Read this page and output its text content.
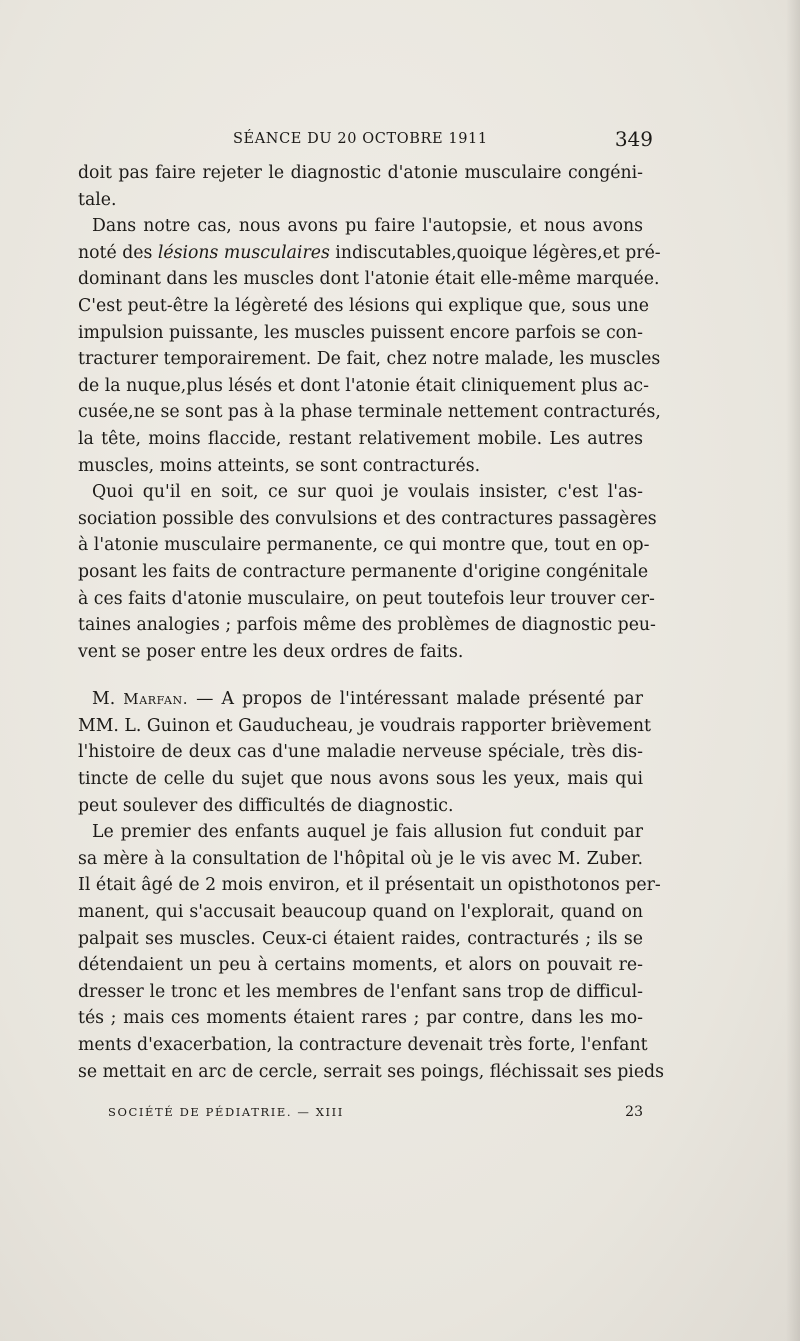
SÉANCE DU 20 OCTOBRE 1911	349
doit pas faire rejeter le diagnostic d'atonie musculaire congéni-
tale.
Dans notre cas, nous avons pu faire l'autopsie, et nous avons
noté des lésions musculaires indiscutables,quoique légères,et pré-
dominant dans les muscles dont l'atonie était elle-même marquée.
C'est peut-être la légèreté des lésions qui explique que, sous une
impulsion puissante, les muscles puissent encore parfois se con-
tracturer temporairement. De fait, chez notre malade, les muscles
de la nuque,plus lésés et dont l'atonie était cliniquement plus ac-
cusée,ne se sont pas à la phase terminale nettement contracturés,
la tête, moins flaccide, restant relativement mobile. Les autres
muscles, moins atteints, se sont contracturés.
Quoi qu'il en soit, ce sur quoi je voulais insister, c'est l'as-
sociation possible des convulsions et des contractures passagères
à l'atonie musculaire permanente, ce qui montre que, tout en op-
posant les faits de contracture permanente d'origine congénitale
à ces faits d'atonie musculaire, on peut toutefois leur trouver cer-
taines analogies ; parfois même des problèmes de diagnostic peu-
vent se poser entre les deux ordres de faits.
M. Marfan. — A propos de l'intéressant malade présenté par
MM. L. Guinon et Gauducheau, je voudrais rapporter brièvement
l'histoire de deux cas d'une maladie nerveuse spéciale, très dis-
tincte de celle du sujet que nous avons sous les yeux, mais qui
peut soulever des difficultés de diagnostic.
Le premier des enfants auquel je fais allusion fut conduit par
sa mère à la consultation de l'hôpital où je le vis avec M. Zuber.
Il était âgé de 2 mois environ, et il présentait un opisthotonos per-
manent, qui s'accusait beaucoup quand on l'explorait, quand on
palpait ses muscles. Ceux-ci étaient raides, contracturés ; ils se
détendaient un peu à certains moments, et alors on pouvait re-
dresser le tronc et les membres de l'enfant sans trop de difficul-
tés ; mais ces moments étaient rares ; par contre, dans les mo-
ments d'exacerbation, la contracture devenait très forte, l'enfant
se mettait en arc de cercle, serrait ses poings, fléchissait ses pieds
SOCIÉTÉ DE PÉDIATRIE. — XIII	23
